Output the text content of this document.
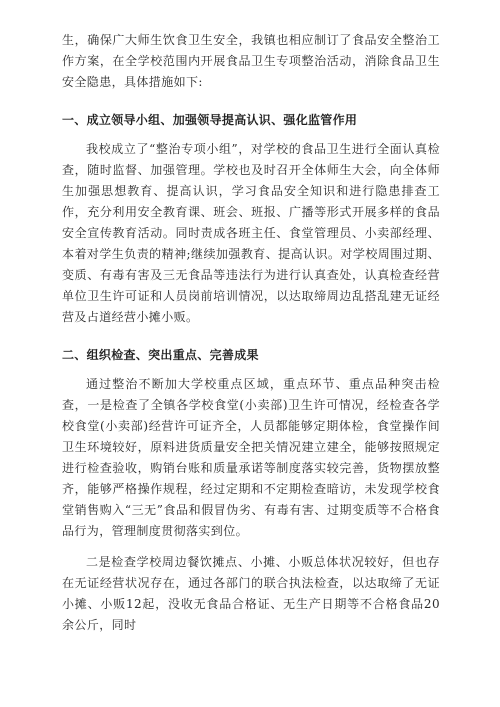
生，确保广大师生饮食卫生安全，我镇也相应制订了食品安全整治工作方案，在全学校范围内开展食品卫生专项整治活动，消除食品卫生安全隐患，具体措施如下:

一、成立领导小组、加强领导提高认识、强化监管作用

我校成立了“整治专项小组”，对学校的食品卫生进行全面认真检查，随时监督、加强管理。学校也及时召开全体师生大会，向全体师生加强思想教育、提高认识，学习食品安全知识和进行隐患排查工作，充分利用安全教育课、班会、班报、广播等形式开展多样的食品安全宣传教育活动。同时责成各班主任、食堂管理员、小卖部经理、本着对学生负责的精神;继续加强教育、提高认识。对学校周围过期、变质、有毒有害及三无食品等违法行为进行认真查处，认真检查经营单位卫生许可证和人员岗前培训情况，以达取缔周边乱搭乱建无证经营及占道经营小摊小贩。

二、组织检查、突出重点、完善成果

通过整治不断加大学校重点区域，重点环节、重点品种突击检查，一是检查了全镇各学校食堂(小卖部)卫生许可情况，经检查各学校食堂(小卖部)经营许可证齐全，人员都能够定期体检，食堂操作间卫生环境较好，原料进货质量安全把关情况建立建全，能够按照规定进行检查验收，购销台账和质量承诺等制度落实较完善，货物摆放整齐，能够严格操作规程，经过定期和不定期检查暗访，未发现学校食堂销售购入“三无”食品和假冒伪劣、有毒有害、过期变质等不合格食品行为，管理制度贯彻落实到位。

二是检查学校周边餐饮摊点、小摊、小贩总体状况较好，但也存在无证经营状况存在，通过各部门的联合执法检查，以达取缔了无证小摊、小贩12起，没收无食品合格证、无生产日期等不合格食品20余公斤，同时
